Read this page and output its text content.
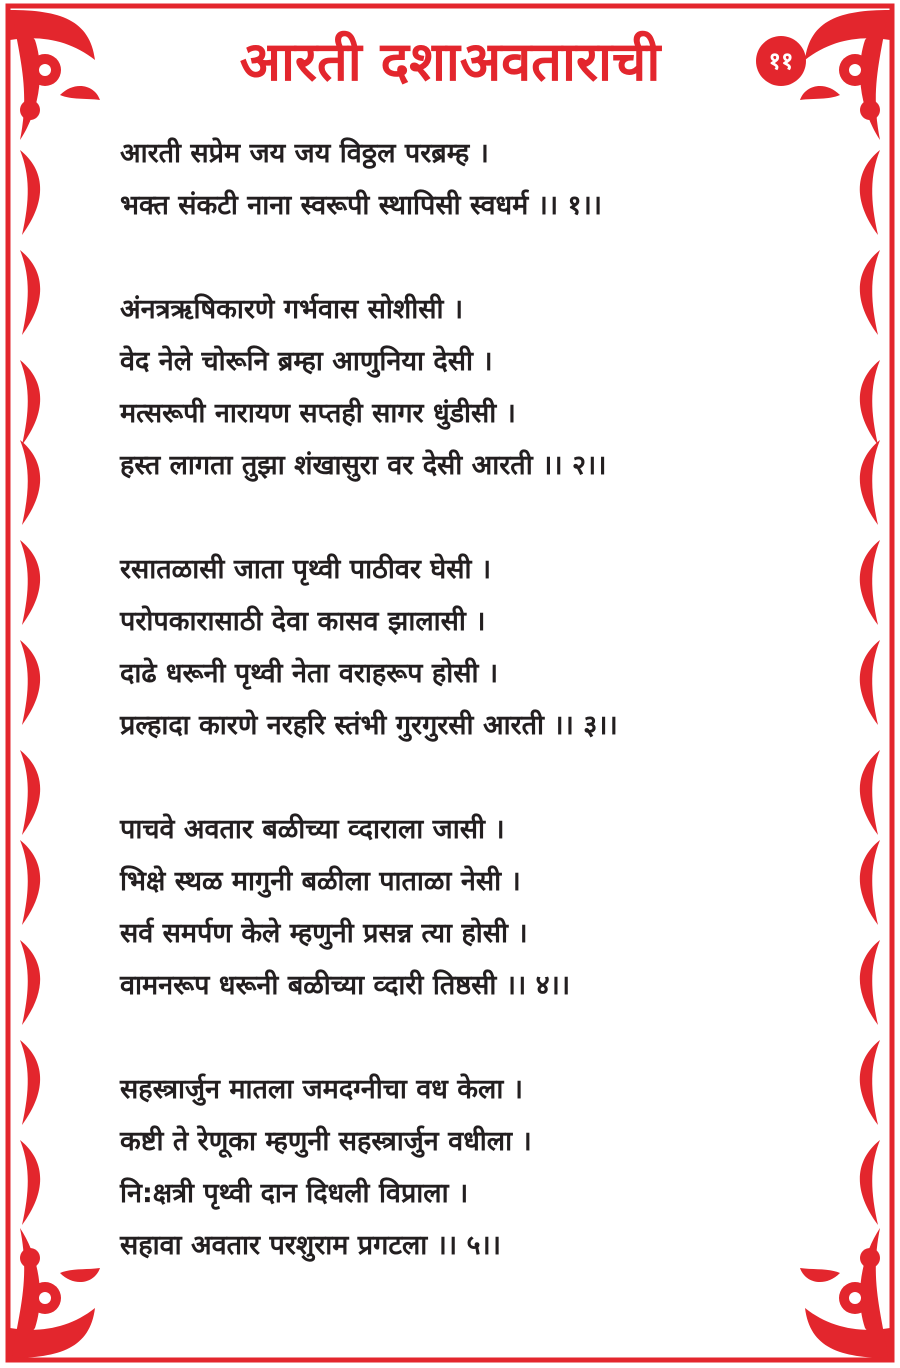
आरती दशाअवताराची	११
आरती सप्रेम जय जय विठ्ठल परब्रम्ह ।
भक्त संकटी नाना स्वरूपी स्थापिसी स्वधर्म ।। १।।
अंनत्रऋषिकारणे गर्भवास सोशीसी ।
वेद नेले चोरूनि ब्रम्हा आणुनिया देसी ।
मत्सरूपी नारायण सप्तही सागर धुंडीसी ।
हस्त लागता तुझा शंखासुरा वर देसी आरती ।। २।।
रसातळासी जाता पृथ्वी पाठीवर घेसी ।
परोपकारासाठी देवा कासव झालासी ।
दाढे धरूनी पृथ्वी नेता वराहरूप होसी ।
प्रल्हादा कारणे नरहरि स्तंभी गुरगुरसी आरती ।। ३।।
पाचवे अवतार बळीच्या व्दाराला जासी ।
भिक्षे स्थळ मागुनी बळीला पाताळा नेसी ।
सर्व समर्पण केले म्हणुनी प्रसन्न त्या होसी ।
वामनरूप धरूनी बळीच्या व्दारी तिष्ठसी ।। ४।।
सहस्त्रार्जुन मातला जमदग्नीचा वध केला ।
कष्टी ते रेणूका म्हणुनी सहस्त्रार्जुन वधीला ।
नि:क्षत्री पृथ्वी दान दिधली विप्राला ।
सहावा अवतार परशुराम प्रगटला ।। ५।।
